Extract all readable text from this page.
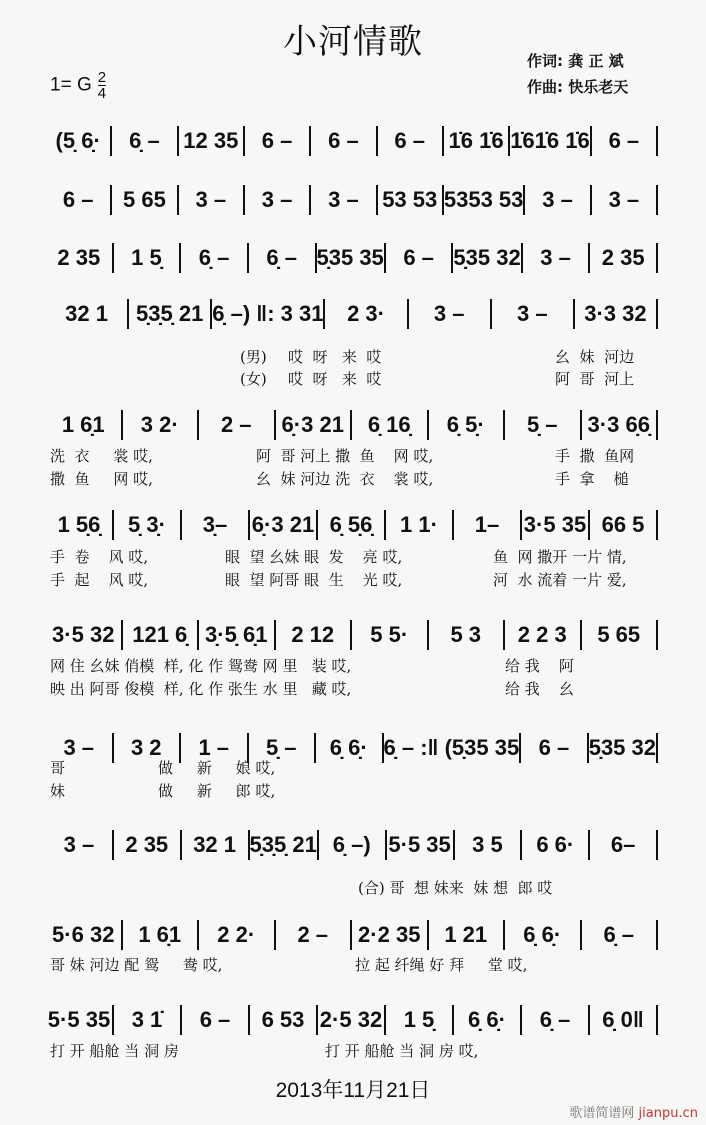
小河情歌	作词: 龚 正 斌
作曲: 快乐老天
1= G $\frac{2}{4}$
(5̣ 6̣·	6̣ –	12 35	6 –	6 –	6 –	1̇6 1̇6 1̇61̇6 1̇6 6 –
6 –	5 65	3 –	3 –	3 –	53 53 5353 53 3 –	3 –
2 35	1 5̣	6̣ –	6̣ – 5̣35 35 6 – 5̣35 32 3 –	2 35
32 1	5̣3̣5̣ 21 6̣ –) ‖: 3 31	2 3·	3 –	3 –	3·3 32
1 6̣1	3 2·	2 –	6̣·3 21	6̣ 16̣	6̣ 5̣·	5̣ –	3·3 6̣6̣
1 5̣6̣	5̣ 3̣·	3̣–	6̣·3 21 6̣ 5̣6̣	1 1·	1–	3·5 35 66 5
3·5 32 121 6̣ 3̣·5̣ 6̣1	2 12	5 5·	5 3	2 2 3	5 65
3 –	3 2	1 –	5̣ –	6̣ 6̣· 6̣ – :‖ (5̣35 35 6 – 5̣35 32
3 –	2 35	32 1 5̣3̣5̣ 21 6̣ –) 5·5 35 3 5	6 6·	6–
5·6 32	1 6̣1	2 2·	2 –	2·2 35	1 21	6̣ 6̣·	6̣ –
5·5 35 3 1̇	6 –	6 53 2·5 32 1 5̣	6̣ 6̣·	6̣ –	6̣ 0‖
(男) 哎  呀   来  哎	幺  妹  河边
(女) 哎  呀   来  哎	阿  哥  河上
洗  衣     裳 哎,	阿  哥 河上 撒  鱼    网 哎,	手  撒  鱼网
撒  鱼     网 哎,	幺  妹 河边 洗  衣    裳 哎,	手  拿    槌
手  卷    风 哎,	眼  望 幺妹 眼  发    亮 哎,	鱼  网 撒开 一片 情,
手  起    风 哎,	眼  望 阿哥 眼  生    光 哎,	河  水 流着 一片 爱,
网 住 幺妹 俏模  样, 化 作 鸳鸯 网 里   装 哎,	给 我    阿
映 出 阿哥 俊模  样, 化 作 张生 水 里   藏 哎,	给 我    幺
哥	做     新     娘 哎,
妹	做     新     郎 哎,
(合) 哥  想 妹来  妹 想  郎 哎
哥 妹 河边 配 鸳     鸯 哎,	拉 起 纤绳 好 拜     堂 哎,
打 开 船舱 当 洞 房	打 开 船舱 当 洞 房 哎,
2013年11月21日
歌谱简谱网 jianpu.cn
